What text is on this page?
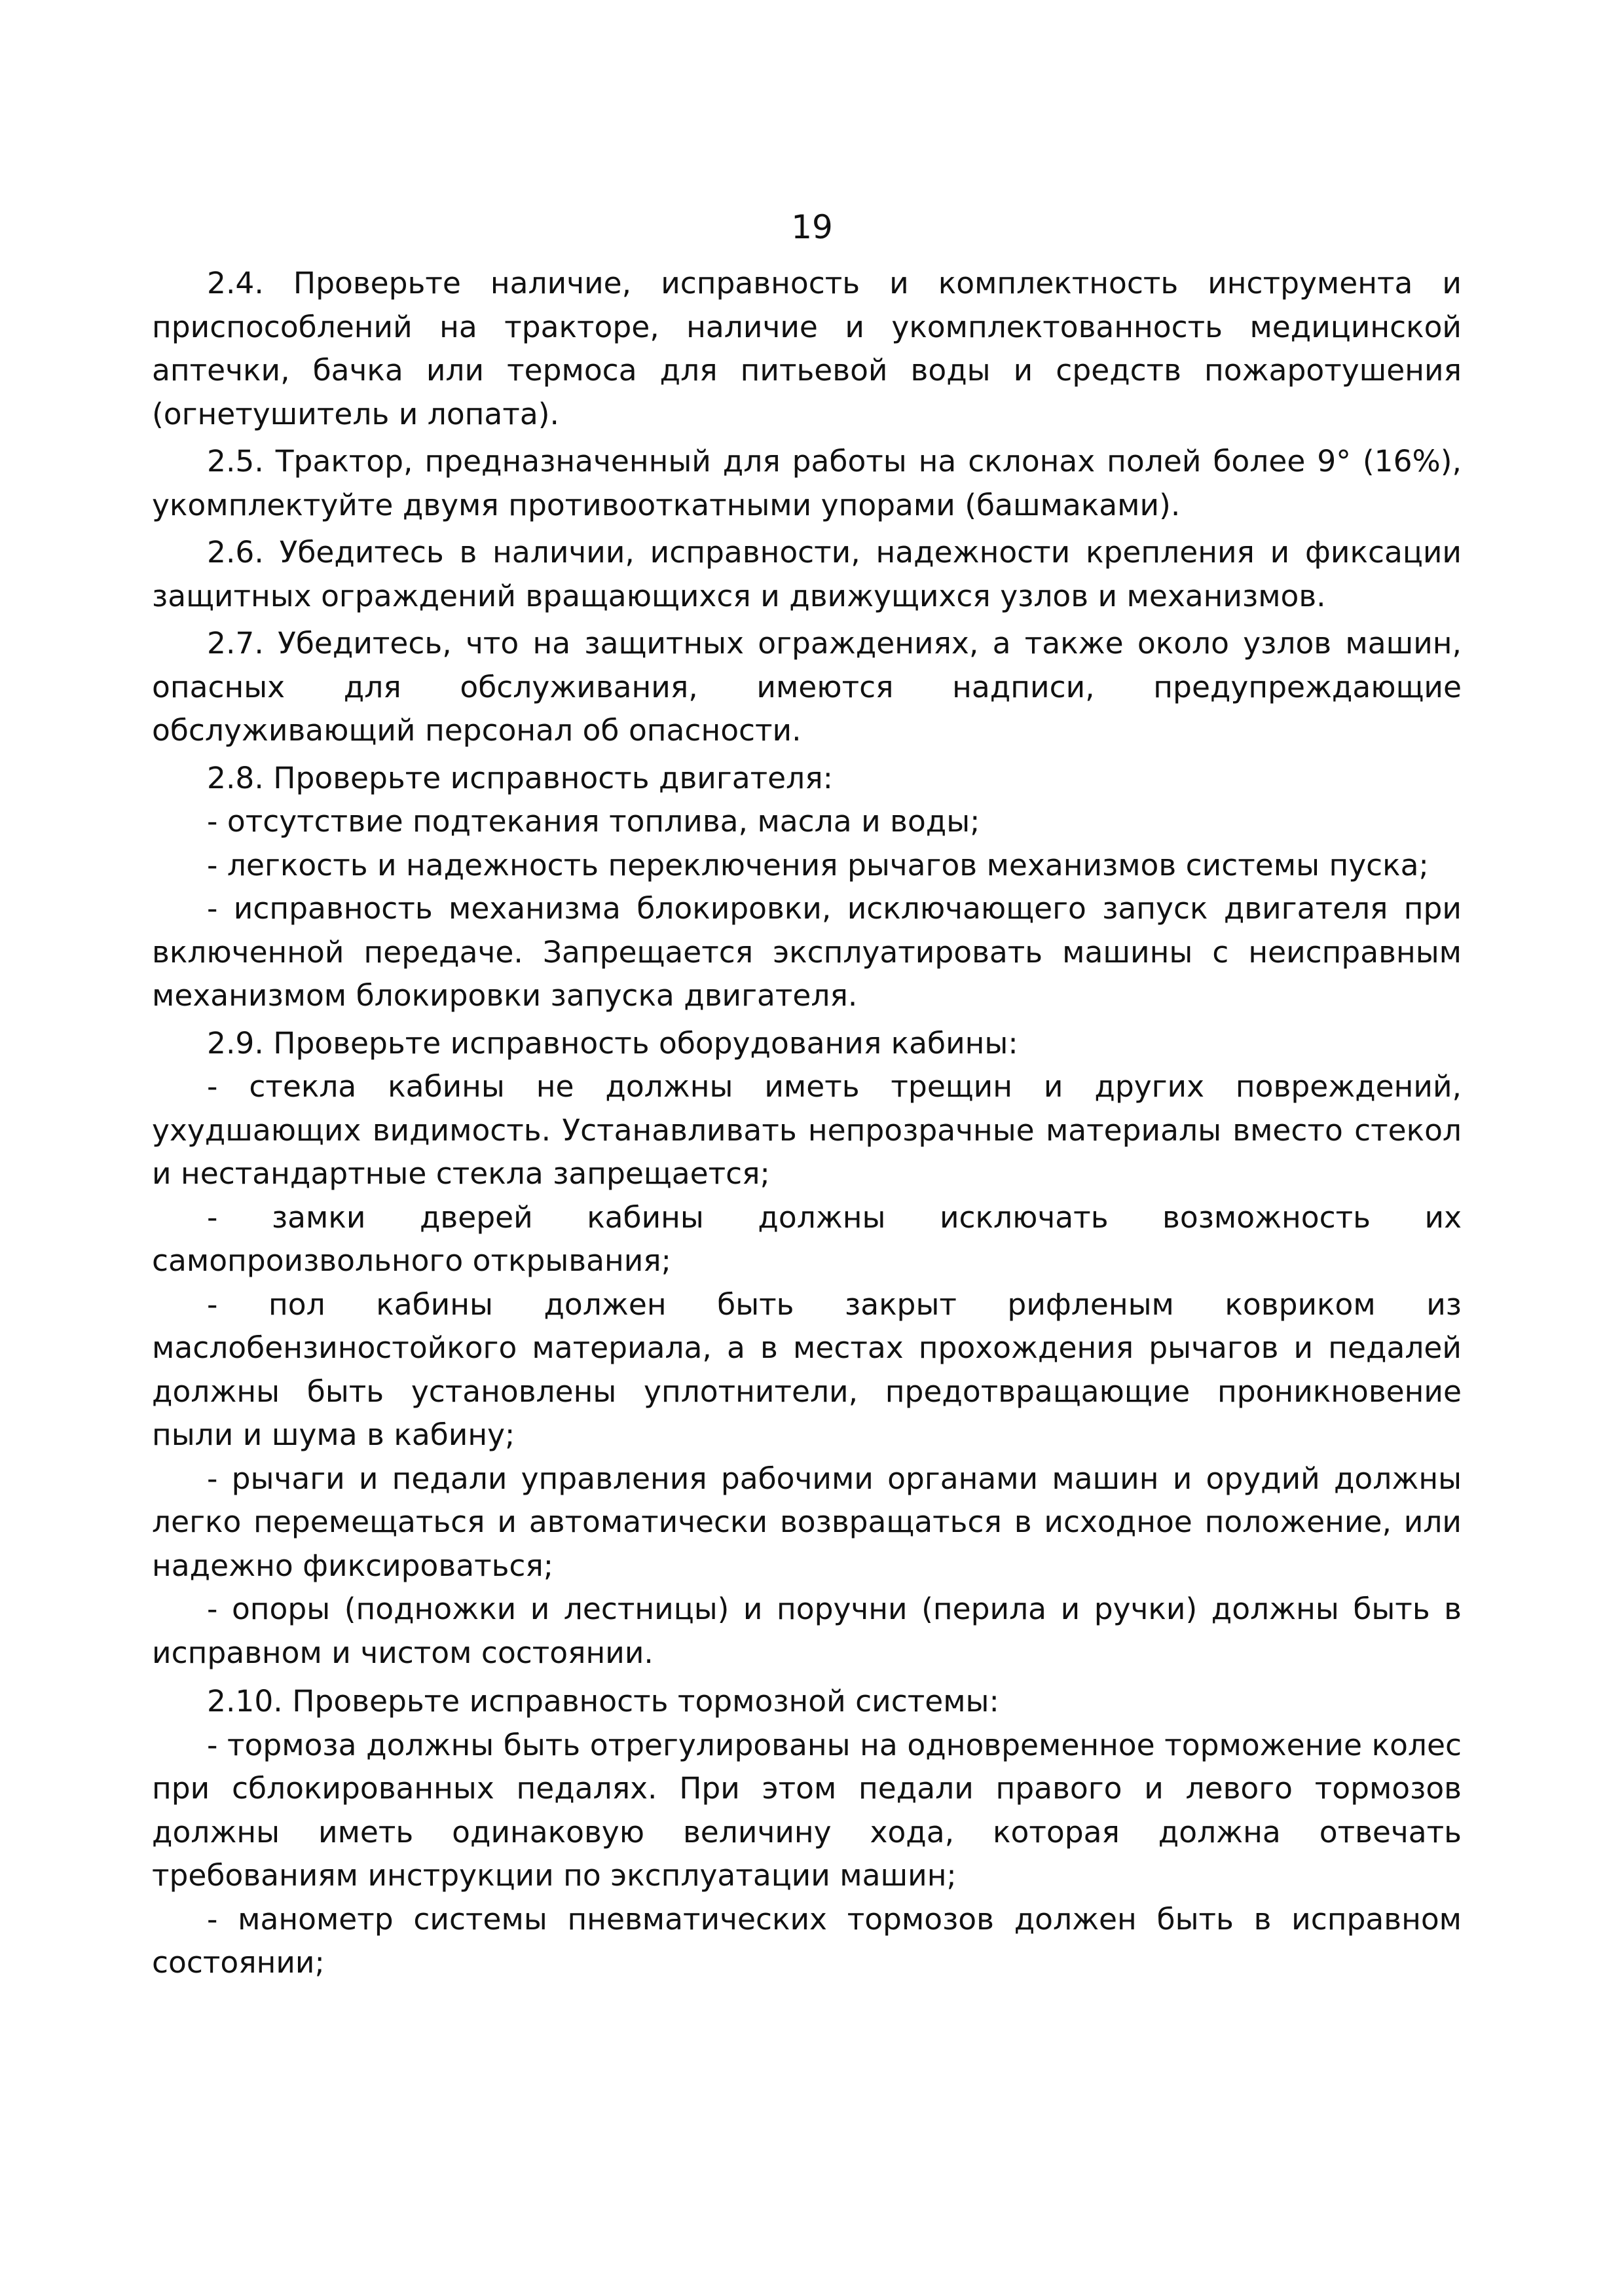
19

2.4. Проверьте наличие, исправность и комплектность инструмента и приспособлений на тракторе, наличие и укомплектованность медицинской аптечки, бачка или термоса для питьевой воды и средств пожаротушения (огнетушитель и лопата).

2.5. Трактор, предназначенный для работы на склонах полей более 9° (16%), укомплектуйте двумя противооткатными упорами (башмаками).

2.6. Убедитесь в наличии, исправности, надежности крепления и фиксации защитных ограждений вращающихся и движущихся узлов и механизмов.

2.7. Убедитесь, что на защитных ограждениях, а также около узлов машин, опасных для обслуживания, имеются надписи, предупреждающие обслуживающий персонал об опасности.

2.8. Проверьте исправность двигателя:

- отсутствие подтекания топлива, масла и воды;

- легкость и надежность переключения рычагов механизмов системы пуска;

- исправность механизма блокировки, исключающего запуск двигателя при включенной передаче. Запрещается эксплуатировать машины с неисправным механизмом блокировки запуска двигателя.

2.9. Проверьте исправность оборудования кабины:

- стекла кабины не должны иметь трещин и других повреждений, ухудшающих видимость. Устанавливать непрозрачные материалы вместо стекол и нестандартные стекла запрещается;

- замки дверей кабины должны исключать возможность их самопроизвольного открывания;

- пол кабины должен быть закрыт рифленым ковриком из маслобензиностойкого материала, а в местах прохождения рычагов и педалей должны быть установлены уплотнители, предотвращающие проникновение пыли и шума в кабину;

- рычаги и педали управления рабочими органами машин и орудий должны легко перемещаться и автоматически возвращаться в исходное положение, или надежно фиксироваться;

- опоры (подножки и лестницы) и поручни (перила и ручки) должны быть в исправном и чистом состоянии.

2.10. Проверьте исправность тормозной системы:

- тормоза должны быть отрегулированы на одновременное торможение колес при сблокированных педалях. При этом педали правого и левого тормозов должны иметь одинаковую величину хода, которая должна отвечать требованиям инструкции по эксплуатации машин;

- манометр системы пневматических тормозов должен быть в исправном состоянии;
